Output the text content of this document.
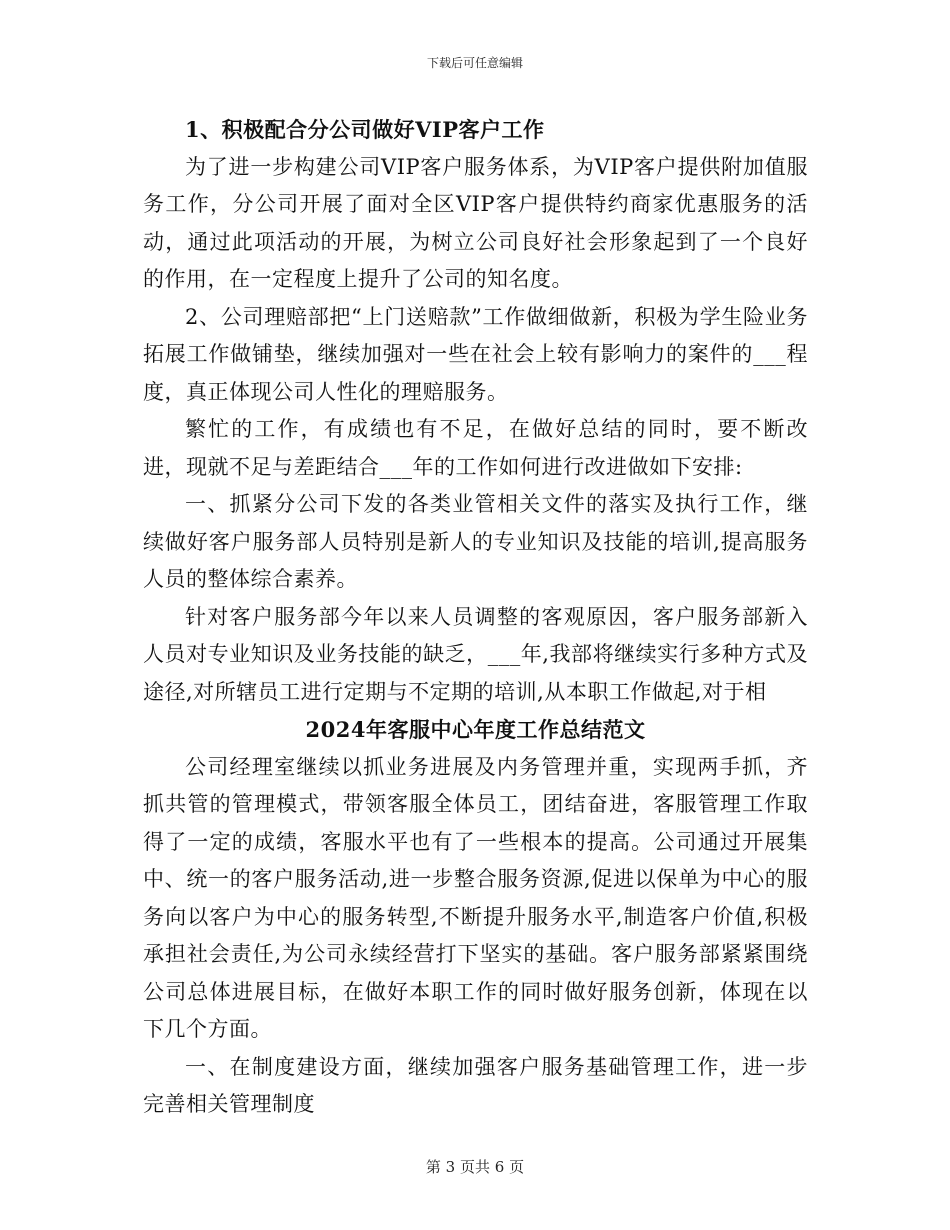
下载后可任意编辑

1、积极配合分公司做好VIP客户工作

为了进一步构建公司VIP客户服务体系，为VIP客户提供附加值服务工作，分公司开展了面对全区VIP客户提供特约商家优惠服务的活动，通过此项活动的开展，为树立公司良好社会形象起到了一个良好的作用，在一定程度上提升了公司的知名度。

2、公司理赔部把“上门送赔款”工作做细做新，积极为学生险业务拓展工作做铺垫，继续加强对一些在社会上较有影响力的案件的___程度，真正体现公司人性化的理赔服务。

繁忙的工作，有成绩也有不足，在做好总结的同时，要不断改进，现就不足与差距结合___年的工作如何进行改进做如下安排:

一、抓紧分公司下发的各类业管相关文件的落实及执行工作，继续做好客户服务部人员特别是新人的专业知识及技能的培训,提高服务人员的整体综合素养。

针对客户服务部今年以来人员调整的客观原因，客户服务部新入人员对专业知识及业务技能的缺乏，___年,我部将继续实行多种方式及途径,对所辖员工进行定期与不定期的培训,从本职工作做起,对于相

2024年客服中心年度工作总结范文

公司经理室继续以抓业务进展及内务管理并重，实现两手抓，齐抓共管的管理模式，带领客服全体员工，团结奋进，客服管理工作取得了一定的成绩，客服水平也有了一些根本的提高。公司通过开展集中、统一的客户服务活动,进一步整合服务资源,促进以保单为中心的服务向以客户为中心的服务转型,不断提升服务水平,制造客户价值,积极承担社会责任,为公司永续经营打下坚实的基础。客户服务部紧紧围绕公司总体进展目标，在做好本职工作的同时做好服务创新，体现在以下几个方面。

一、在制度建设方面，继续加强客户服务基础管理工作，进一步完善相关管理制度

第 3 页共 6 页
